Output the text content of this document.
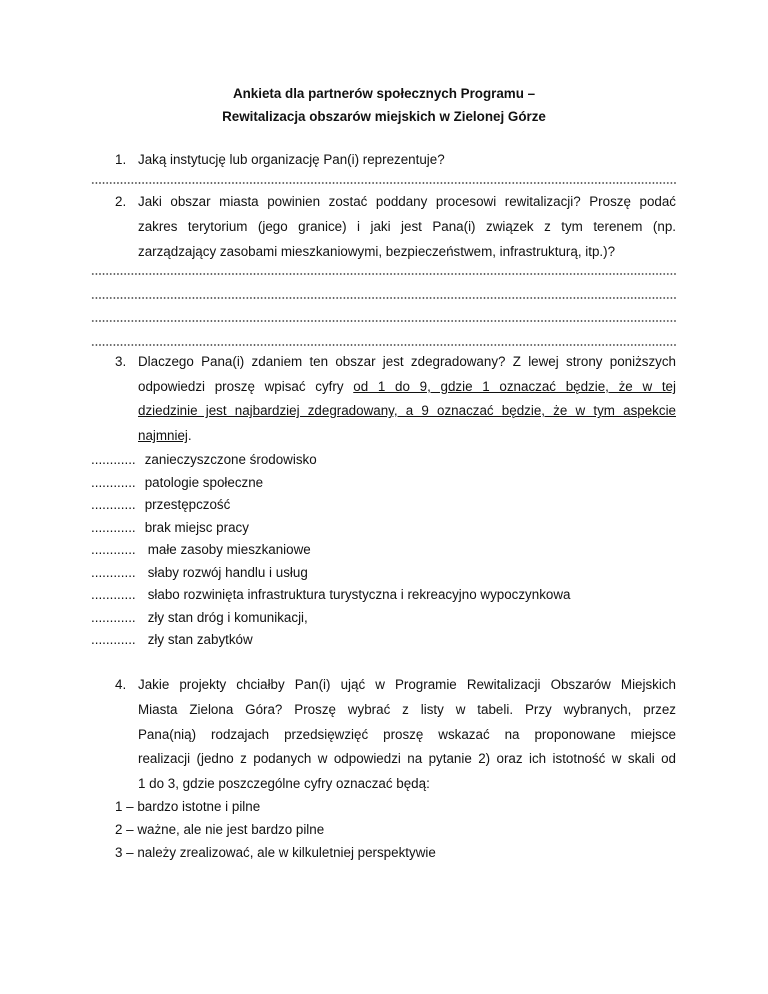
Ankieta dla partnerów społecznych Programu –
Rewitalizacja obszarów miejskich w Zielonej Górze
1. Jaką instytucję lub organizację Pan(i) reprezentuje?
2. Jaki obszar miasta powinien zostać poddany procesowi rewitalizacji? Proszę podać
zakres terytorium (jego granice) i jaki jest Pana(i) związek z tym terenem (np.
zarządzający zasobami mieszkaniowymi, bezpieczeństwem, infrastrukturą, itp.)?
3. Dlaczego Pana(i) zdaniem ten obszar jest zdegradowany? Z lewej strony poniższych
odpowiedzi proszę wpisać cyfry od 1 do 9, gdzie 1 oznaczać będzie, że w tej
dziedzinie jest najbardziej zdegradowany, a 9 oznaczać będzie, że w tym aspekcie
najmniej.
............ zanieczyszczone środowisko
............ patologie społeczne
............ przestępczość
............ brak miejsc pracy
............ małe zasoby mieszkaniowe
............ słaby rozwój handlu i usług
............ słabo rozwinięta infrastruktura turystyczna i rekreacyjno wypoczynkowa
............ zły stan dróg i komunikacji,
............ zły stan zabytków
4. Jakie projekty chciałby Pan(i) ująć w Programie Rewitalizacji Obszarów Miejskich
Miasta Zielona Góra? Proszę wybrać z listy w tabeli. Przy wybranych, przez
Pana(nią) rodzajach przedsięwzięć proszę wskazać na proponowane miejsce
realizacji (jedno z podanych w odpowiedzi na pytanie 2) oraz ich istotność w skali od
1 do 3, gdzie poszczególne cyfry oznaczać będą:
1 – bardzo istotne i pilne
2 – ważne, ale nie jest bardzo pilne
3 – należy zrealizować, ale w kilkuletniej perspektywie
